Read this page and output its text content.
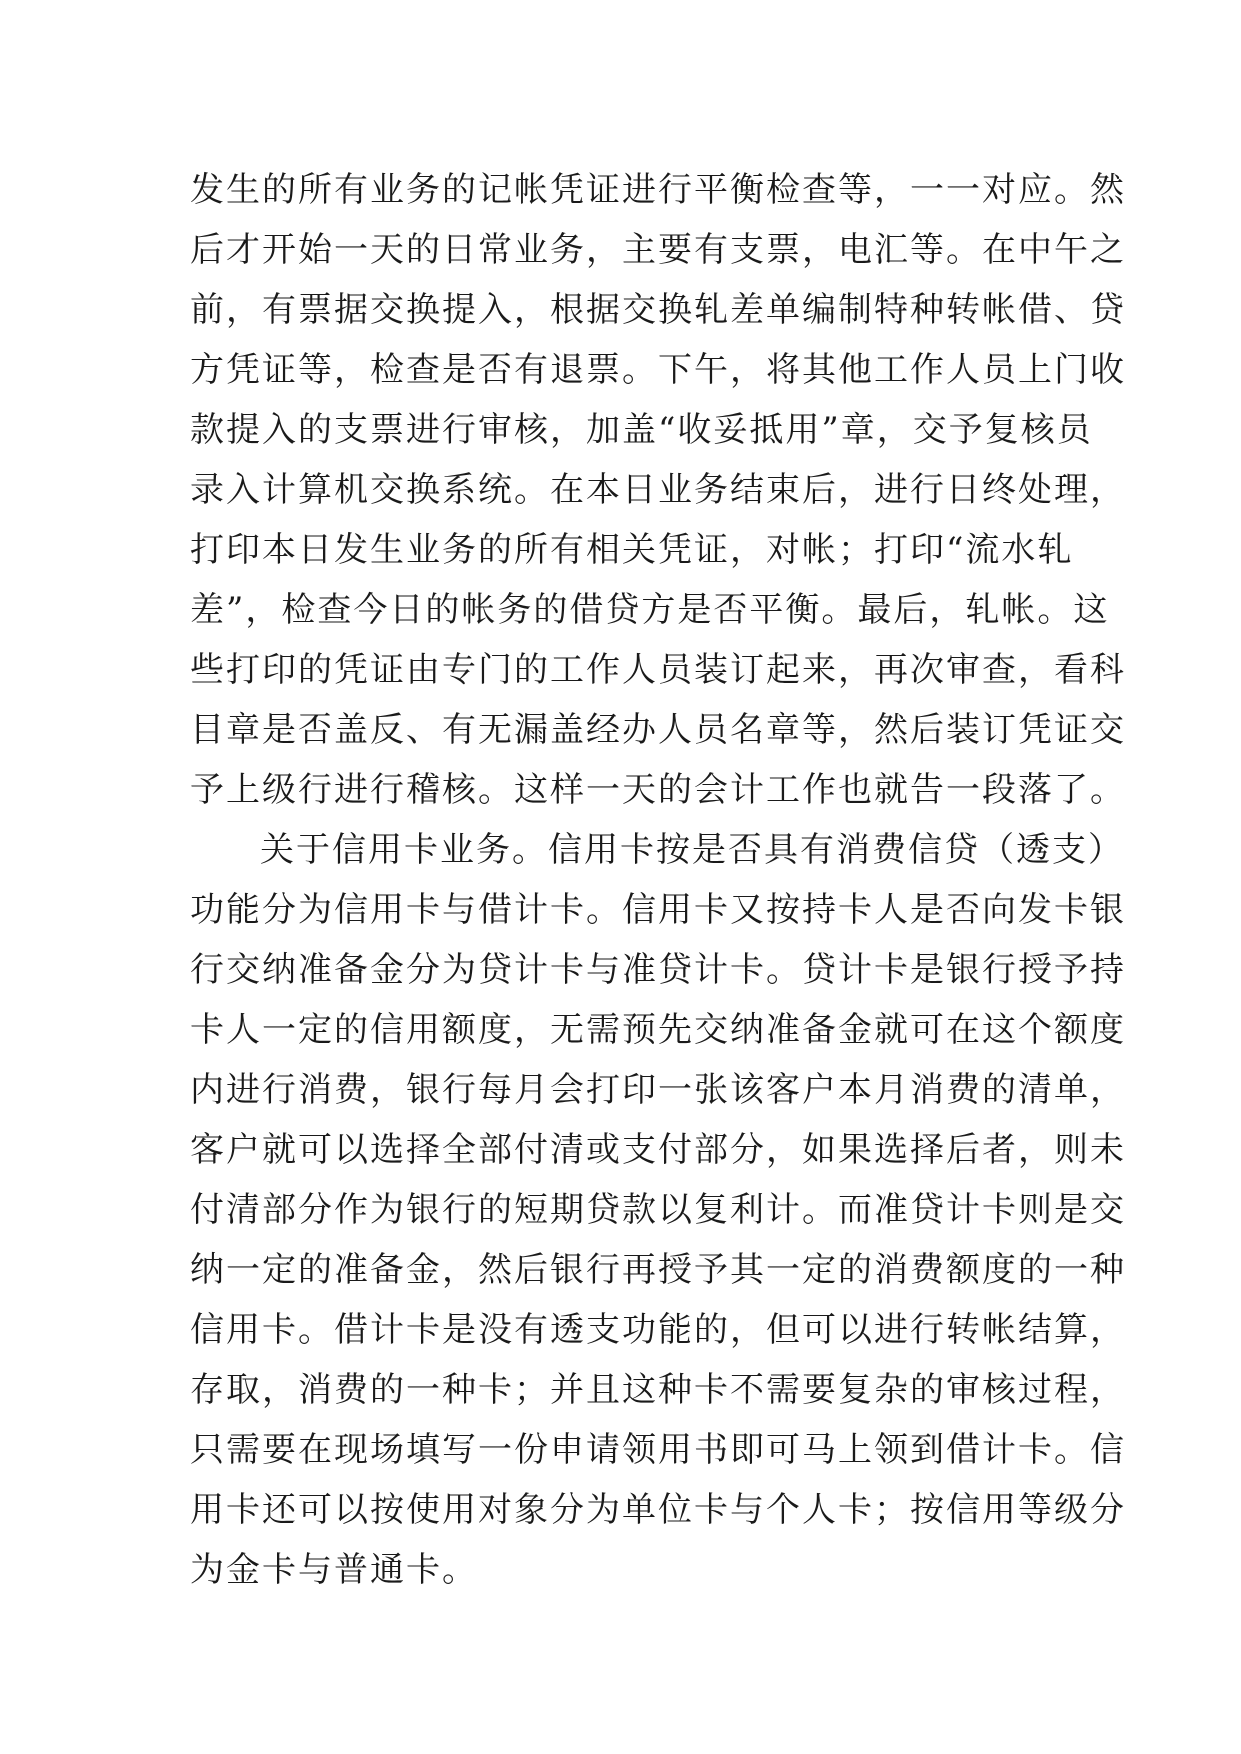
发生的所有业务的记帐凭证进行平衡检查等，一一对应。然
后才开始一天的日常业务，主要有支票，电汇等。在中午之
前，有票据交换提入，根据交换轧差单编制特种转帐借、贷
方凭证等，检查是否有退票。下午，将其他工作人员上门收
款提入的支票进行审核，加盖“收妥抵用”章，交予复核员
录入计算机交换系统。在本日业务结束后，进行日终处理，
打印本日发生业务的所有相关凭证，对帐；打印“流水轧
差”，检查今日的帐务的借贷方是否平衡。最后，轧帐。这
些打印的凭证由专门的工作人员装订起来，再次审查，看科
目章是否盖反、有无漏盖经办人员名章等，然后装订凭证交
予上级行进行稽核。这样一天的会计工作也就告一段落了。
关于信用卡业务。信用卡按是否具有消费信贷（透支）
功能分为信用卡与借计卡。信用卡又按持卡人是否向发卡银
行交纳准备金分为贷计卡与准贷计卡。贷计卡是银行授予持
卡人一定的信用额度，无需预先交纳准备金就可在这个额度
内进行消费，银行每月会打印一张该客户本月消费的清单，
客户就可以选择全部付清或支付部分，如果选择后者，则未
付清部分作为银行的短期贷款以复利计。而准贷计卡则是交
纳一定的准备金，然后银行再授予其一定的消费额度的一种
信用卡。借计卡是没有透支功能的，但可以进行转帐结算，
存取，消费的一种卡；并且这种卡不需要复杂的审核过程，
只需要在现场填写一份申请领用书即可马上领到借计卡。信
用卡还可以按使用对象分为单位卡与个人卡；按信用等级分
为金卡与普通卡。
